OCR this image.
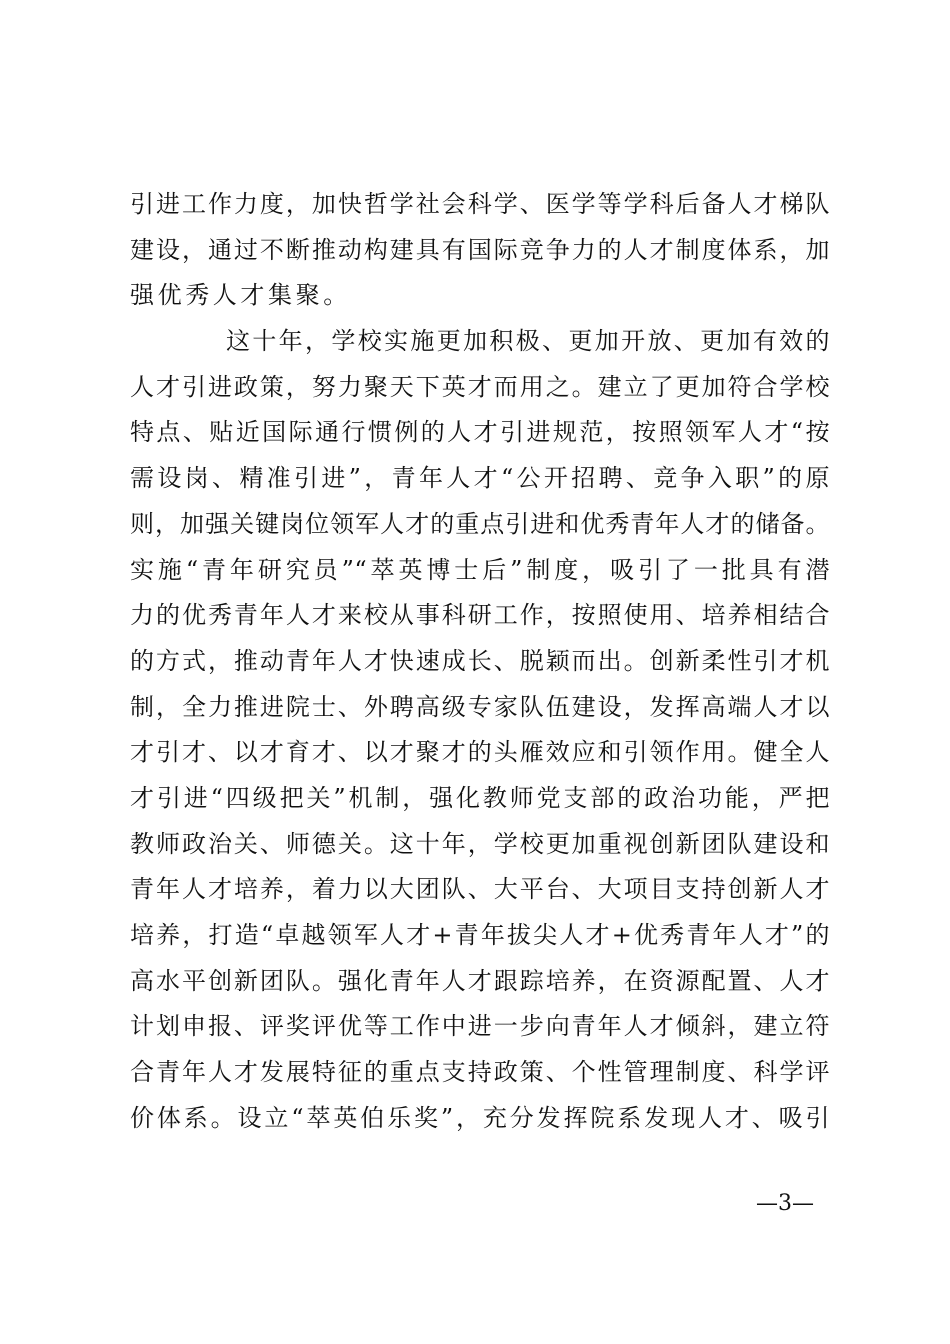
引进工作力度，加快哲学社会科学、医学等学科后备人才梯队
建设，通过不断推动构建具有国际竞争力的人才制度体系，加
强优秀人才集聚。
这十年，学校实施更加积极、更加开放、更加有效的
人才引进政策，努力聚天下英才而用之。建立了更加符合学校
特点、贴近国际通行惯例的人才引进规范，按照领军人才“按
需设岗、精准引进”，青年人才“公开招聘、竞争入职”的原
则，加强关键岗位领军人才的重点引进和优秀青年人才的储备。
实施“青年研究员”“萃英博士后”制度，吸引了一批具有潜
力的优秀青年人才来校从事科研工作，按照使用、培养相结合
的方式，推动青年人才快速成长、脱颖而出。创新柔性引才机
制，全力推进院士、外聘高级专家队伍建设，发挥高端人才以
才引才、以才育才、以才聚才的头雁效应和引领作用。健全人
才引进“四级把关”机制，强化教师党支部的政治功能，严把
教师政治关、师德关。这十年，学校更加重视创新团队建设和
青年人才培养，着力以大团队、大平台、大项目支持创新人才
培养，打造“卓越领军人才+青年拔尖人才+优秀青年人才”的
高水平创新团队。强化青年人才跟踪培养，在资源配置、人才
计划申报、评奖评优等工作中进一步向青年人才倾斜，建立符
合青年人才发展特征的重点支持政策、个性管理制度、科学评
价体系。设立“萃英伯乐奖”，充分发挥院系发现人才、吸引
—3—
